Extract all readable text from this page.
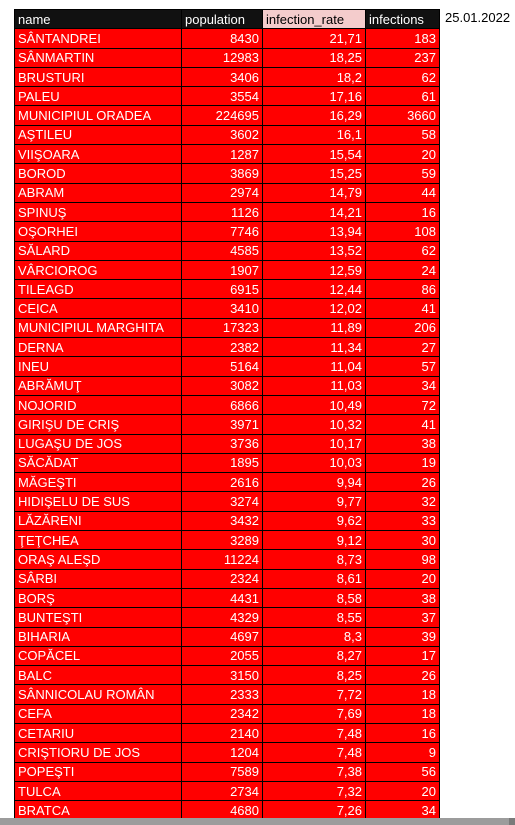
name	population	infection_rate	infections
SÂNTANDREI	8430	21,71	183
SÂNMARTIN	12983	18,25	237
BRUSTURI	3406	18,2	62
PALEU	3554	17,16	61
MUNICIPIUL ORADEA	224695	16,29	3660
AŞTILEU	3602	16,1	58
VIIŞOARA	1287	15,54	20
BOROD	3869	15,25	59
ABRAM	2974	14,79	44
SPINUŞ	1126	14,21	16
OŞORHEI	7746	13,94	108
SĂLARD	4585	13,52	62
VÂRCIOROG	1907	12,59	24
TILEAGD	6915	12,44	86
CEICA	3410	12,02	41
MUNICIPIUL MARGHITA	17323	11,89	206
DERNA	2382	11,34	27
INEU	5164	11,04	57
ABRĂMUŢ	3082	11,03	34
NOJORID	6866	10,49	72
GIRIŞU DE CRIŞ	3971	10,32	41
LUGAŞU DE JOS	3736	10,17	38
SĂCĂDAT	1895	10,03	19
MĂGEŞTI	2616	9,94	26
HIDIŞELU DE SUS	3274	9,77	32
LĂZĂRENI	3432	9,62	33
ŢEŢCHEA	3289	9,12	30
ORAŞ ALEŞD	11224	8,73	98
SÂRBI	2324	8,61	20
BORŞ	4431	8,58	38
BUNTEŞTI	4329	8,55	37
BIHARIA	4697	8,3	39
COPĂCEL	2055	8,27	17
BALC	3150	8,25	26
SÂNNICOLAU ROMÂN	2333	7,72	18
CEFA	2342	7,69	18
CETARIU	2140	7,48	16
CRIŞTIORU DE JOS	1204	7,48	9
POPEŞTI	7589	7,38	56
TULCA	2734	7,32	20
BRATCA	4680	7,26	34
25.01.2022
